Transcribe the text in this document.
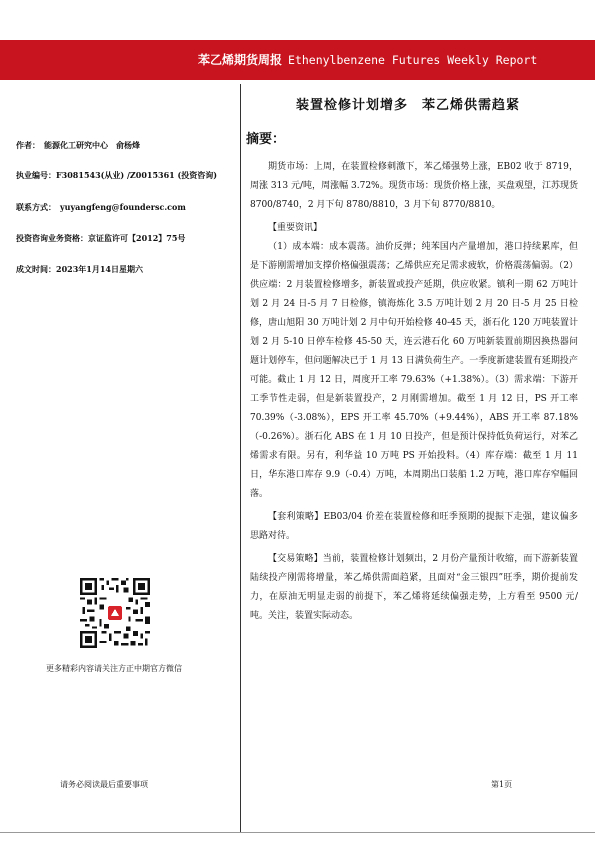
苯乙烯期货周报 Ethenylbenzene Futures Weekly Report
装置检修计划增多　苯乙烯供需趋紧
作者：　能源化工研究中心　俞杨烽
执业编号：F3081543(从业) /Z0015361 (投资咨询)
联系方式：　yuyangfeng@foundersc.com
投资咨询业务资格：京证监许可【2012】75号
成文时间：2023年1月14日星期六
更多精彩内容请关注方正中期官方微信
摘要：

期货市场：上周，在装置检修刺激下，苯乙烯强势上涨，EB02 收于 8719，周涨 313 元/吨，周涨幅 3.72%。现货市场：现货价格上涨，买盘观望，江苏现货 8700/8740，2 月下旬 8780/8810，3 月下旬 8770/8810。

【重要资讯】

（1）成本端：成本震荡。油价反弹；纯苯国内产量增加，港口持续累库，但是下游刚需增加支撑价格偏强震荡；乙烯供应充足需求疲软，价格震荡偏弱。（2）供应端：2 月装置检修增多，新装置或投产延期，供应收紧。镇利一期 62 万吨计划 2 月 24 日-5 月 7 日检修，镇海炼化 3.5 万吨计划 2 月 20 日-5 月 25 日检修，唐山旭阳 30 万吨计划 2 月中旬开始检修 40-45 天，浙石化 120 万吨装置计划 2 月 5-10 日停车检修 45-50 天，连云港石化 60 万吨新装置前期因换热器问题计划停车，但问题解决已于 1 月 13 日满负荷生产。一季度新建装置有延期投产可能。截止 1 月 12 日，周度开工率 79.63%（+1.38%）。（3）需求端：下游开工季节性走弱，但是新装置投产，2 月刚需增加。截至 1 月 12 日，PS 开工率 70.39%（-3.08%），EPS 开工率 45.70%（+9.44%），ABS 开工率 87.18%（-0.26%）。浙石化 ABS 在 1 月 10 日投产，但是预计保持低负荷运行，对苯乙烯需求有限。另有，利华益 10 万吨 PS 开始投料。（4）库存端：截至 1 月 11 日，华东港口库存 9.9（-0.4）万吨，本周期出口装船 1.2 万吨，港口库存窄幅回落。

【套利策略】EB03/04 价差在装置检修和旺季预期的提振下走强，建议偏多思路对待。

【交易策略】当前，装置检修计划频出，2 月份产量预计收缩，而下游新装置陆续投产刚需将增量，苯乙烯供需面趋紧，且面对“金三银四”旺季，期价提前发力，在原油无明显走弱的前提下，苯乙烯将延续偏强走势，上方看至 9500 元/吨。关注，装置实际动态。

请务必阅读最后重要事项	第1页
